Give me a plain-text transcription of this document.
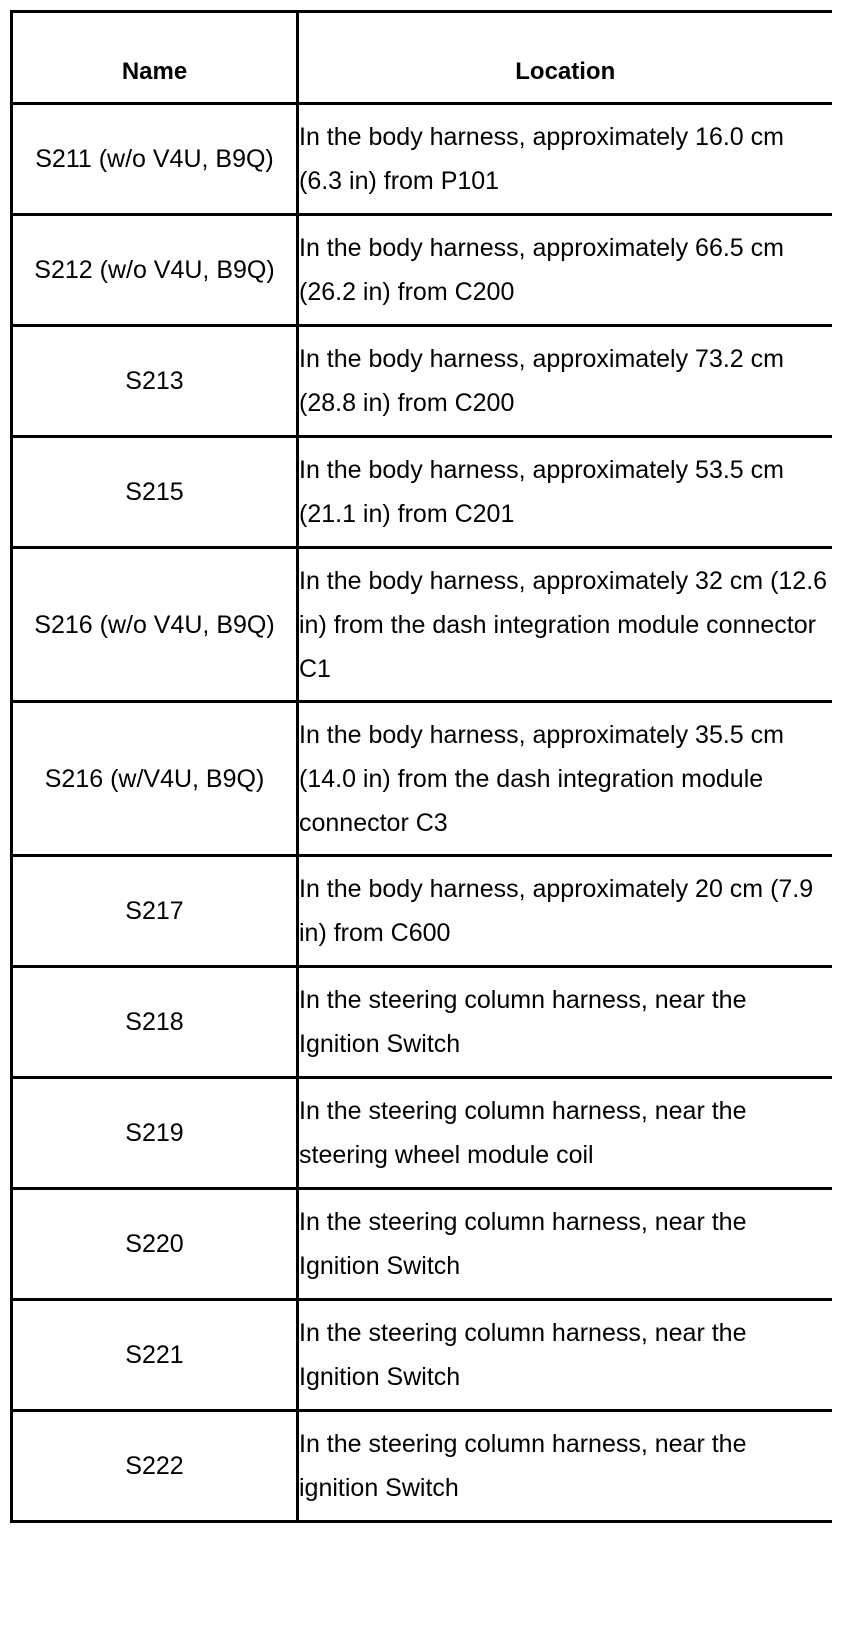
Name	Location
S211 (w/o V4U, B9Q)	In the body harness, approximately 16.0 cm (6.3 in) from P101
S212 (w/o V4U, B9Q)	In the body harness, approximately 66.5 cm (26.2 in) from C200
S213	In the body harness, approximately 73.2 cm (28.8 in) from C200
S215	In the body harness, approximately 53.5 cm (21.1 in) from C201
S216 (w/o V4U, B9Q)	In the body harness, approximately 32 cm (12.6 in) from the dash integration module connector C1
S216 (w/V4U, B9Q)	In the body harness, approximately 35.5 cm (14.0 in) from the dash integration module connector C3
S217	In the body harness, approximately 20 cm (7.9 in) from C600
S218	In the steering column harness, near the Ignition Switch
S219	In the steering column harness, near the steering wheel module coil
S220	In the steering column harness, near the Ignition Switch
S221	In the steering column harness, near the Ignition Switch
S222	In the steering column harness, near the ignition Switch
